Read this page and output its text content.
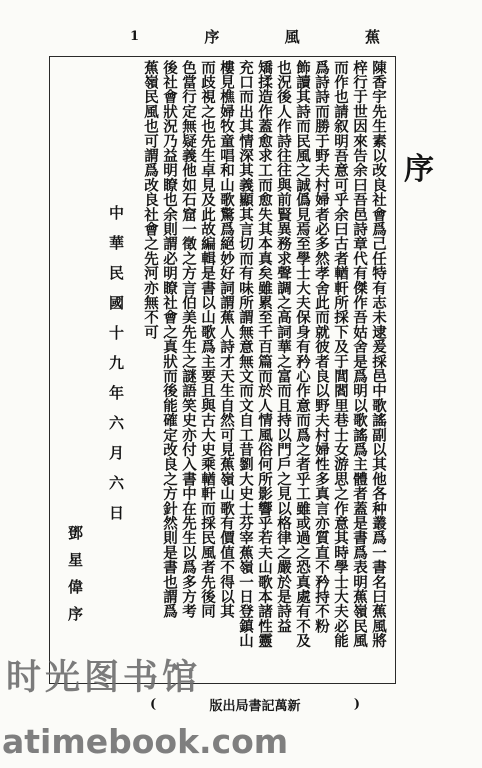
1	序	風	蕉
序
陳香宇先生素以改良社會爲己任特有志未逮爰採邑中歌謠副以其他各种叢爲一書名曰蕉風將
梓行于世因來告余曰吾邑詩章代有傑作吾姑舍是爲明以歌謠爲主體者蓋是書爲表明蕉嶺民風
而作也請叙明吾意可乎余曰古者輶軒所採下及于閭閻里巷士女游思之作意其時學士大夫必能
爲詩詩而勝于野夫村婦者必多然孝舍此而就彼者良以野夫村婦性多真言亦質直不矜持不粉
飾讀其詩而民風之誠僞見焉至學士大夫保身有矜心作意而爲之者乎工雖或過之恐真處有不及
也況後人作詩往往與前賢異務求聲調之高詞華之富而且持以門戶之見以格律之嚴於是詩益
矯揉造作蓋愈求工而愈失其本真矣雖累至千百篇而於人情風俗何所影響乎若夫山歌本諸性靈
充口而出其情深其義顯其言切而有味所謂無意無文而文自工昔劉大史士芬宰蕉嶺一日登鎮山
樓見樵婦牧童唱和山歌驚爲絕妙好詞謂蕉人詩才天生自然可見蕉嶺山歌有價值不得以其
而歧視之也先生卓見及此故編輯是書以山歌爲主要且與古大史乘輶軒而採民風者先後同
色當行定無疑義他如石窟一徵之方言伯美先生之謎語笑史亦付入書中在先生以爲多方考
後社會狀況乃益明瞭也余則謂必明瞭社會之真狀而後能確定改良之方針然則是書也謂爲
蕉嶺民風也可謂爲改良社會之先河亦無不可
中華民國十九年六月六日
鄧星偉序
(	版出局書記萬新	)
时光图书馆
atimebook.com
